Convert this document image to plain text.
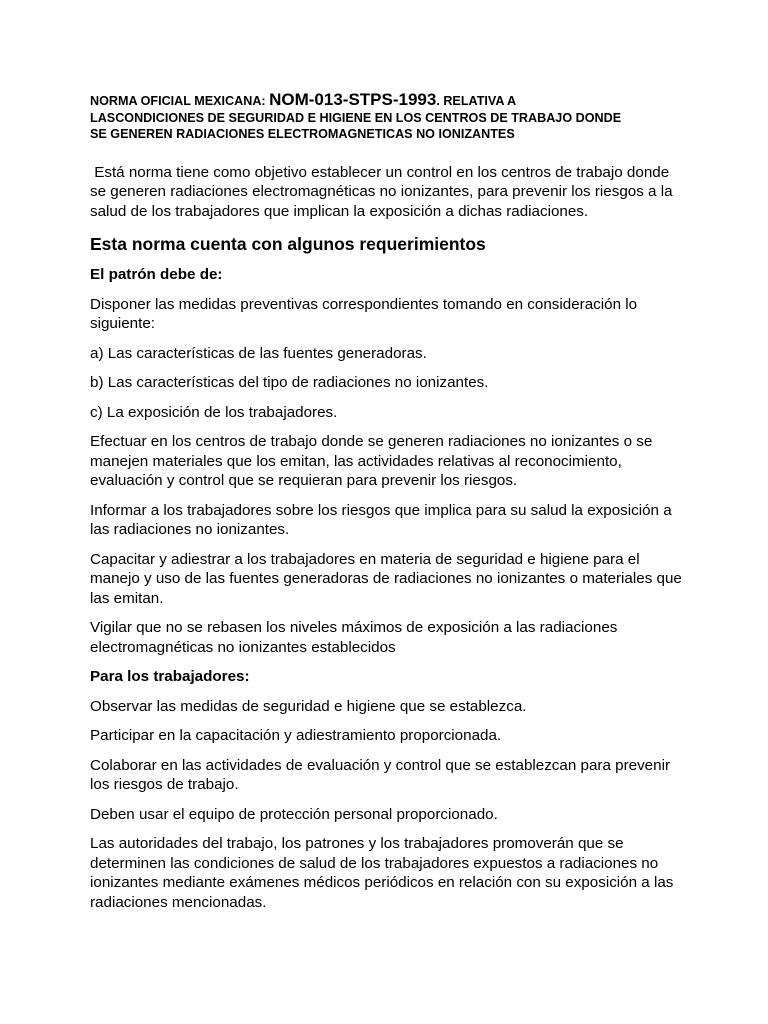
NORMA OFICIAL MEXICANA: NOM-013-STPS-1993. RELATIVA A
LASCONDICIONES DE SEGURIDAD E HIGIENE EN LOS CENTROS DE TRABAJO DONDE
SE GENEREN RADIACIONES ELECTROMAGNETICAS NO IONIZANTES
Está norma tiene como objetivo establecer un control en los centros de trabajo donde
se generen radiaciones electromagnéticas no ionizantes, para prevenir los riesgos a la
salud de los trabajadores que implican la exposición a dichas radiaciones.
Esta norma cuenta con algunos requerimientos
El patrón debe de:
Disponer las medidas preventivas correspondientes tomando en consideración lo
siguiente:
a) Las características de las fuentes generadoras.
b) Las características del tipo de radiaciones no ionizantes.
c) La exposición de los trabajadores.
Efectuar en los centros de trabajo donde se generen radiaciones no ionizantes o se
manejen materiales que los emitan, las actividades relativas al reconocimiento,
evaluación y control que se requieran para prevenir los riesgos.
Informar a los trabajadores sobre los riesgos que implica para su salud la exposición a
las radiaciones no ionizantes.
Capacitar y adiestrar a los trabajadores en materia de seguridad e higiene para el
manejo y uso de las fuentes generadoras de radiaciones no ionizantes o materiales que
las emitan.
Vigilar que no se rebasen los niveles máximos de exposición a las radiaciones
electromagnéticas no ionizantes establecidos
Para los trabajadores:
Observar las medidas de seguridad e higiene que se establezca.
Participar en la capacitación y adiestramiento proporcionada.
Colaborar en las actividades de evaluación y control que se establezcan para prevenir
los riesgos de trabajo.
Deben usar el equipo de protección personal proporcionado.
Las autoridades del trabajo, los patrones y los trabajadores promoverán que se
determinen las condiciones de salud de los trabajadores expuestos a radiaciones no
ionizantes mediante exámenes médicos periódicos en relación con su exposición a las
radiaciones mencionadas.
